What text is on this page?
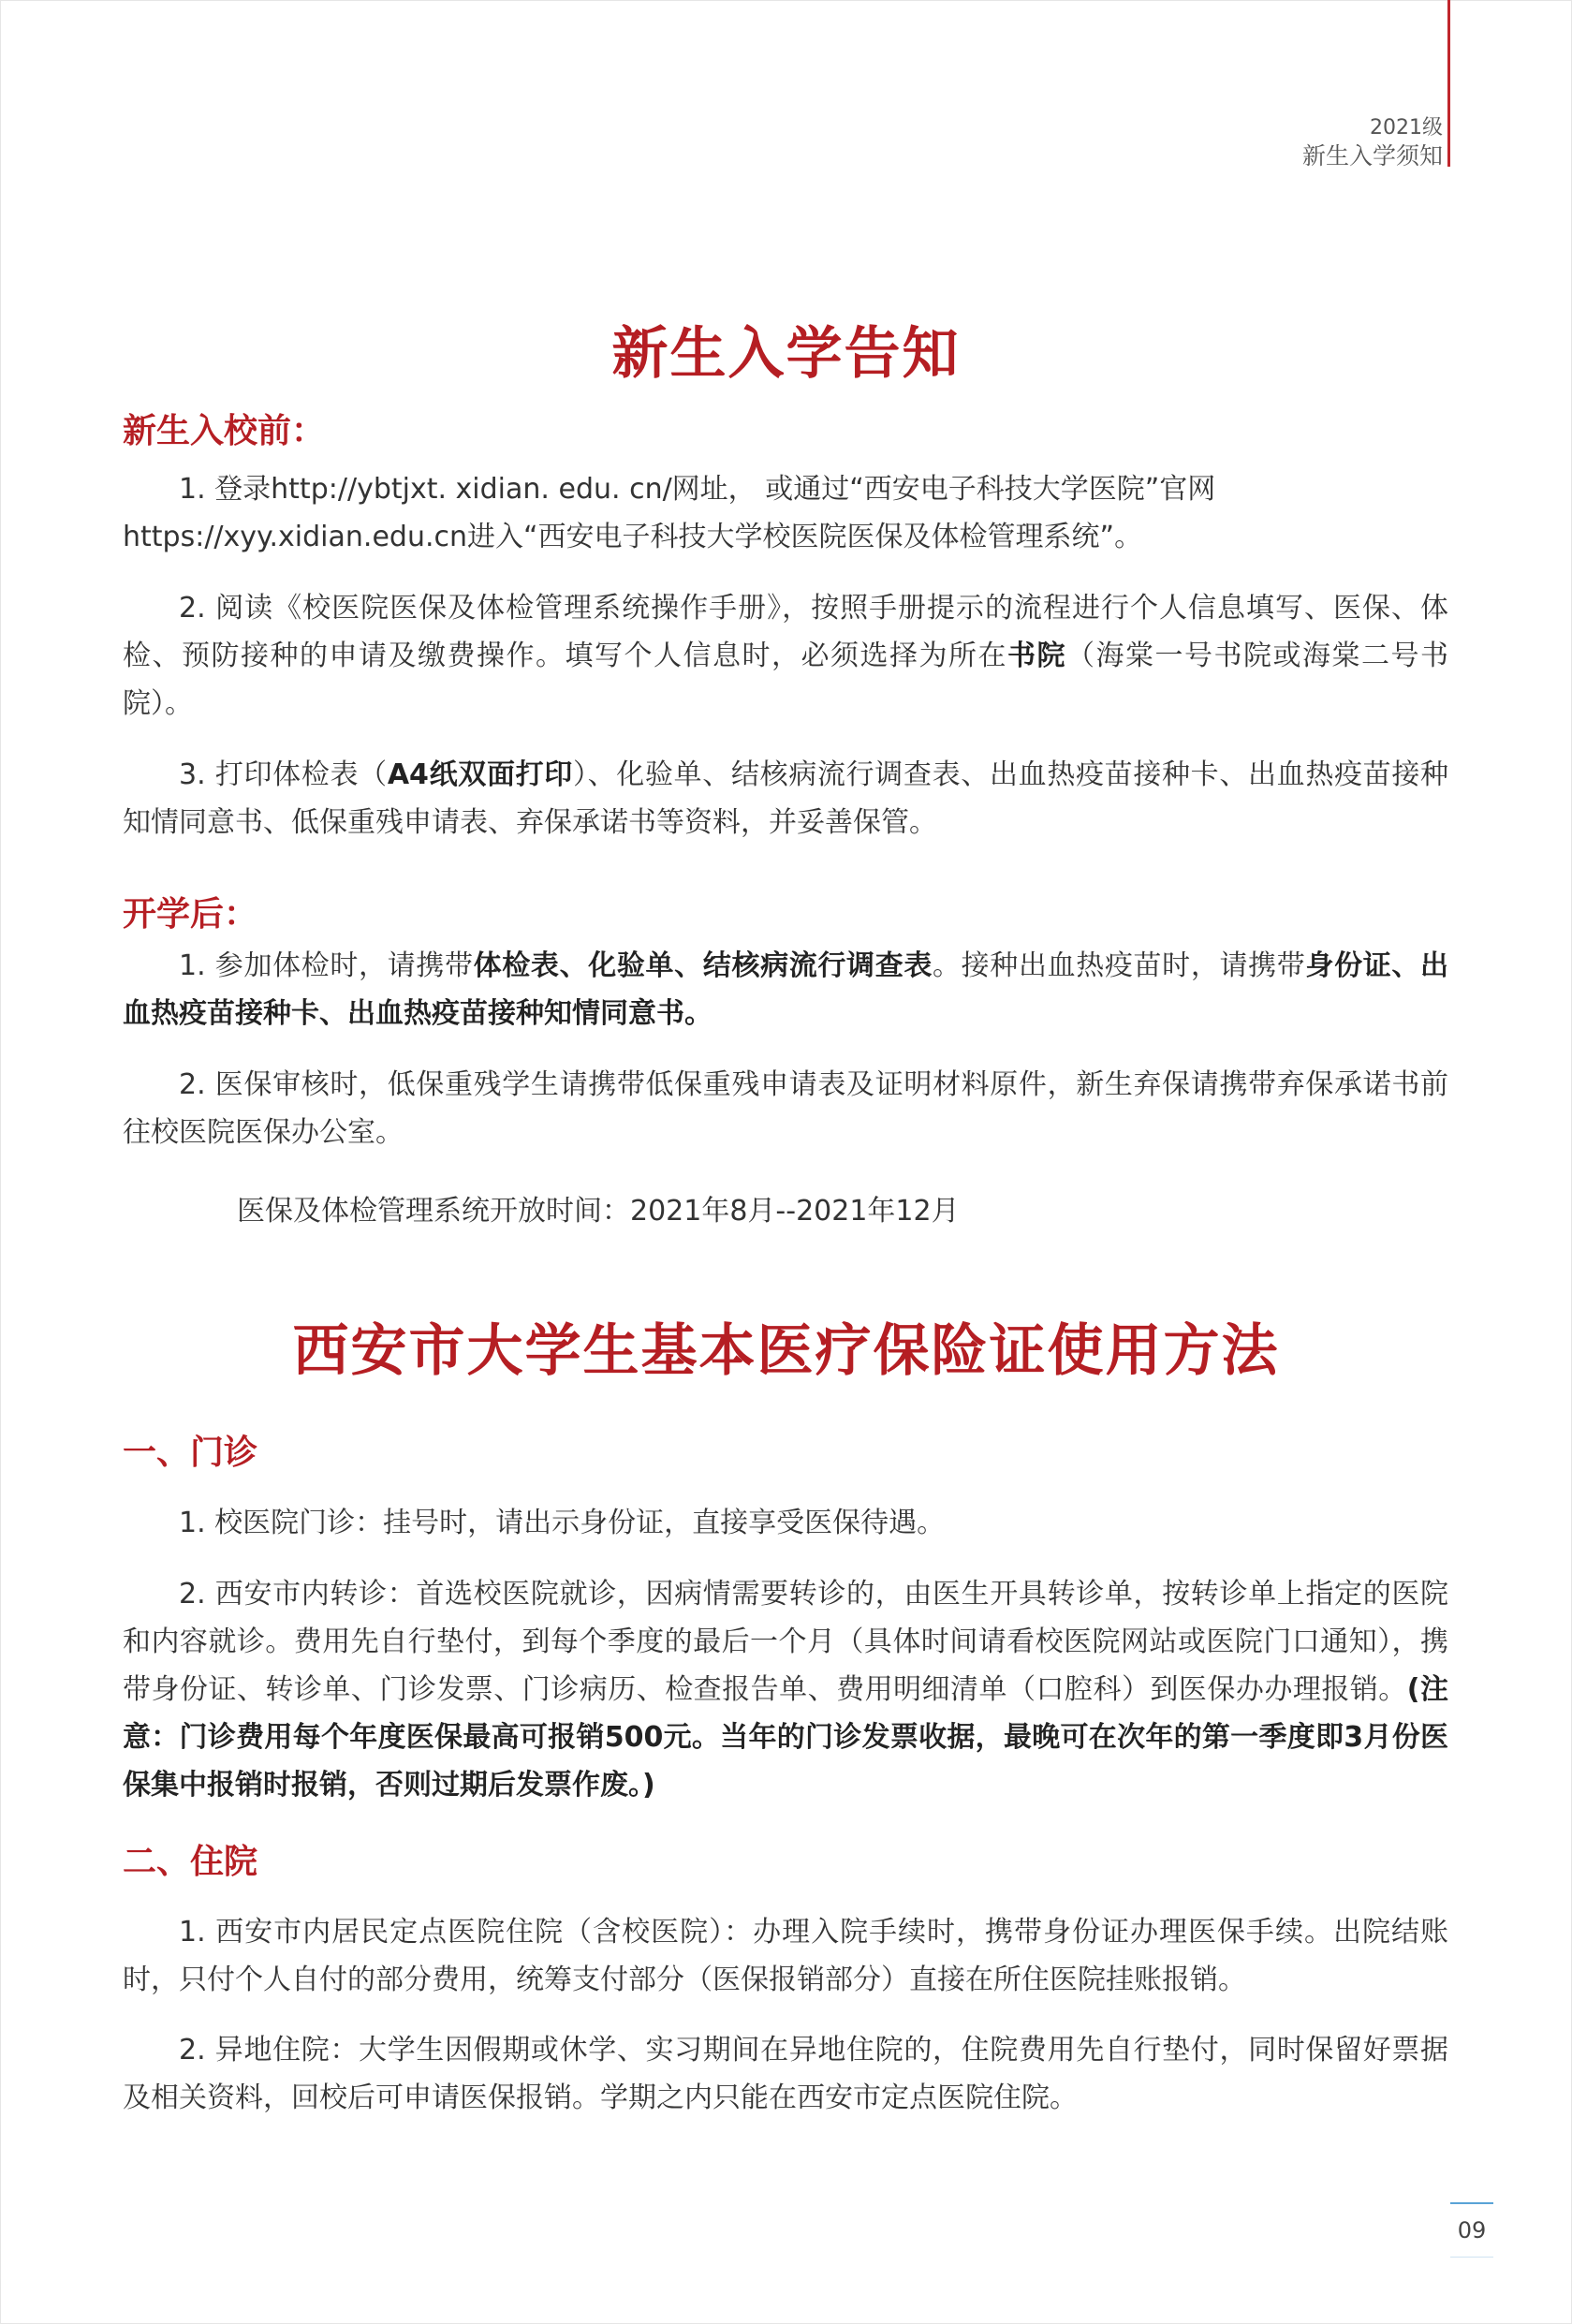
2021级
新生入学须知
新生入学告知
新生入校前：
1. 登录http://ybtjxt. xidian. edu. cn/网址， 或通过“西安电子科技大学医院”官网
https://xyy.xidian.edu.cn进入“西安电子科技大学校医院医保及体检管理系统”。
2. 阅读《校医院医保及体检管理系统操作手册》，按照手册提示的流程进行个人信息填写、医保、体检、预防接种的申请及缴费操作。填写个人信息时，必须选择为所在书院（海棠一号书院或海棠二号书院）。
3. 打印体检表（A4纸双面打印）、化验单、结核病流行调查表、出血热疫苗接种卡、出血热疫苗接种知情同意书、低保重残申请表、弃保承诺书等资料，并妥善保管。
开学后：
1. 参加体检时，请携带体检表、化验单、结核病流行调查表。接种出血热疫苗时，请携带身份证、出血热疫苗接种卡、出血热疫苗接种知情同意书。
2. 医保审核时，低保重残学生请携带低保重残申请表及证明材料原件，新生弃保请携带弃保承诺书前往校医院医保办公室。
医保及体检管理系统开放时间：2021年8月--2021年12月
西安市大学生基本医疗保险证使用方法
一、门诊
1. 校医院门诊：挂号时，请出示身份证，直接享受医保待遇。
2. 西安市内转诊：首选校医院就诊，因病情需要转诊的，由医生开具转诊单，按转诊单上指定的医院和内容就诊。费用先自行垫付，到每个季度的最后一个月（具体时间请看校医院网站或医院门口通知），携带身份证、转诊单、门诊发票、门诊病历、检查报告单、费用明细清单（口腔科）到医保办办理报销。(注意：门诊费用每个年度医保最高可报销500元。当年的门诊发票收据，最晚可在次年的第一季度即3月份医保集中报销时报销，否则过期后发票作废。)
二、住院
1. 西安市内居民定点医院住院（含校医院）：办理入院手续时，携带身份证办理医保手续。出院结账时，只付个人自付的部分费用，统筹支付部分（医保报销部分）直接在所住医院挂账报销。
2. 异地住院：大学生因假期或休学、实习期间在异地住院的，住院费用先自行垫付，同时保留好票据及相关资料，回校后可申请医保报销。学期之内只能在西安市定点医院住院。
09
